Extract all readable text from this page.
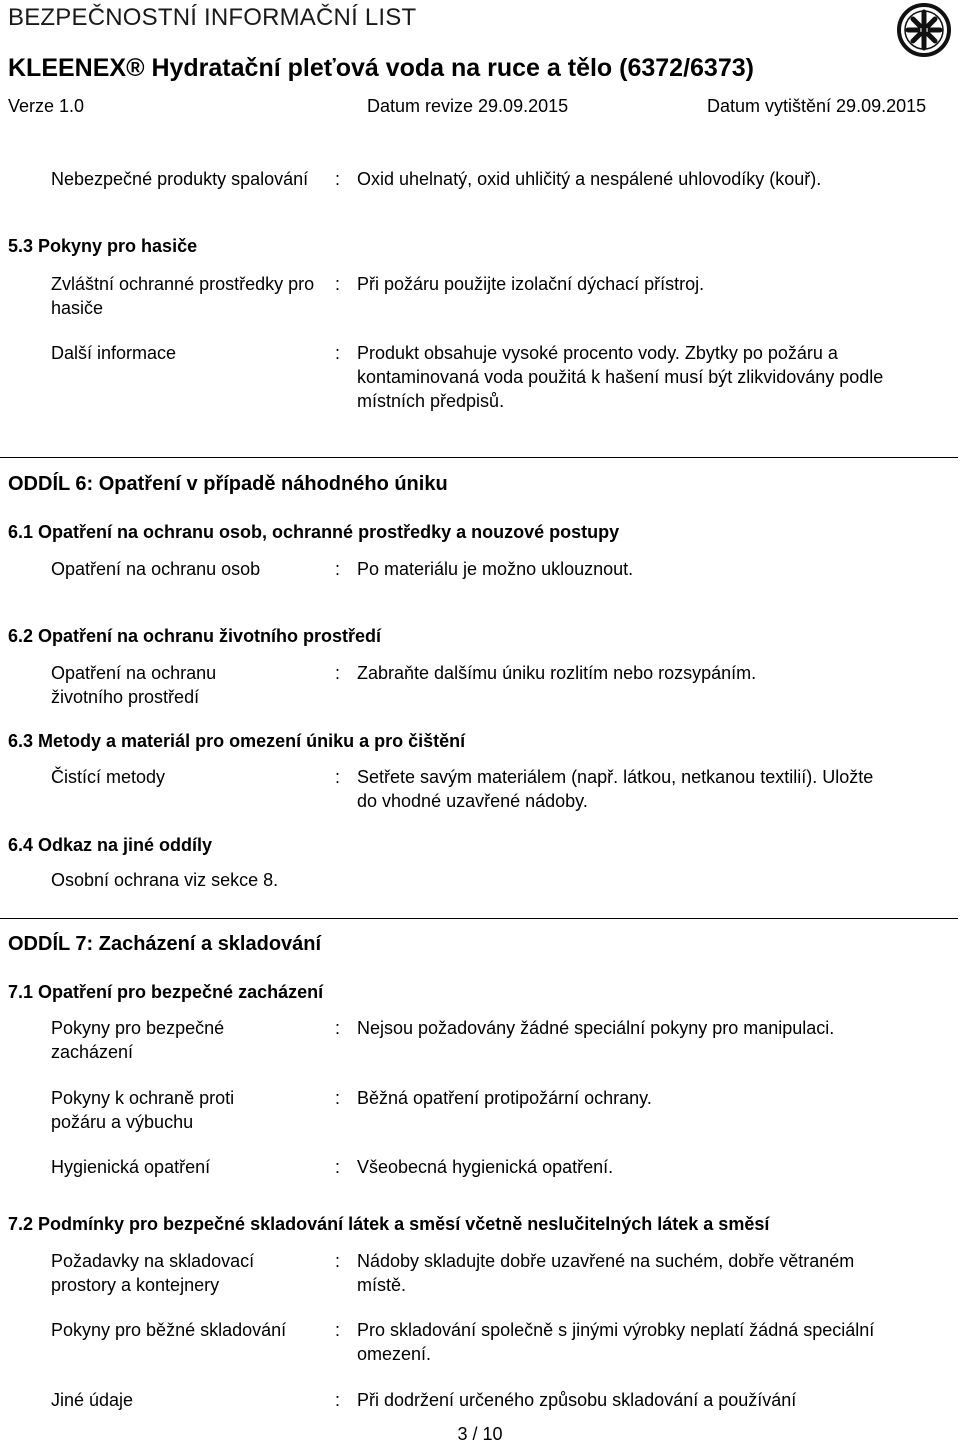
BEZPEČNOSTNÍ INFORMAČNÍ LIST
KLEENEX® Hydratační pleťová voda na ruce a tělo (6372/6373)
Verze 1.0	Datum revize 29.09.2015	Datum vytištění 29.09.2015
Nebezpečné produkty spalování	: Oxid uhelnatý, oxid uhličitý a nespálené uhlovodíky (kouř).
5.3 Pokyny pro hasiče
Zvláštní ochranné prostředky pro hasiče
: Při požáru použijte izolační dýchací přístroj.
Další informace	: Produkt obsahuje vysoké procento vody. Zbytky po požáru a kontaminovaná voda použitá k hašení musí být zlikvidovány podle místních předpisů.
ODDÍL 6: Opatření v případě náhodného úniku
6.1 Opatření na ochranu osob, ochranné prostředky a nouzové postupy
Opatření na ochranu osob	: Po materiálu je možno uklouznout.
6.2 Opatření na ochranu životního prostředí
Opatření na ochranu životního prostředí
: Zabraňte dalšímu úniku rozlitím nebo rozsypáním.
6.3 Metody a materiál pro omezení úniku a pro čištění
Čistící metody	: Setřete savým materiálem (např. látkou, netkanou textilií). Uložte do vhodné uzavřené nádoby.
6.4 Odkaz na jiné oddíly
Osobní ochrana viz sekce 8.
ODDÍL 7: Zacházení a skladování
7.1 Opatření pro bezpečné zacházení
Pokyny pro bezpečné zacházení
: Nejsou požadovány žádné speciální pokyny pro manipulaci.
Pokyny k ochraně proti požáru a výbuchu
: Běžná opatření protipožární ochrany.
Hygienická opatření	: Všeobecná hygienická opatření.
7.2 Podmínky pro bezpečné skladování látek a směsí včetně neslučitelných látek a směsí
Požadavky na skladovací prostory a kontejnery
: Nádoby skladujte dobře uzavřené na suchém, dobře větraném místě.
Pokyny pro běžné skladování	: Pro skladování společně s jinými výrobky neplatí žádná speciální omezení.
Jiné údaje	: Při dodržení určeného způsobu skladování a používání
3 / 10
